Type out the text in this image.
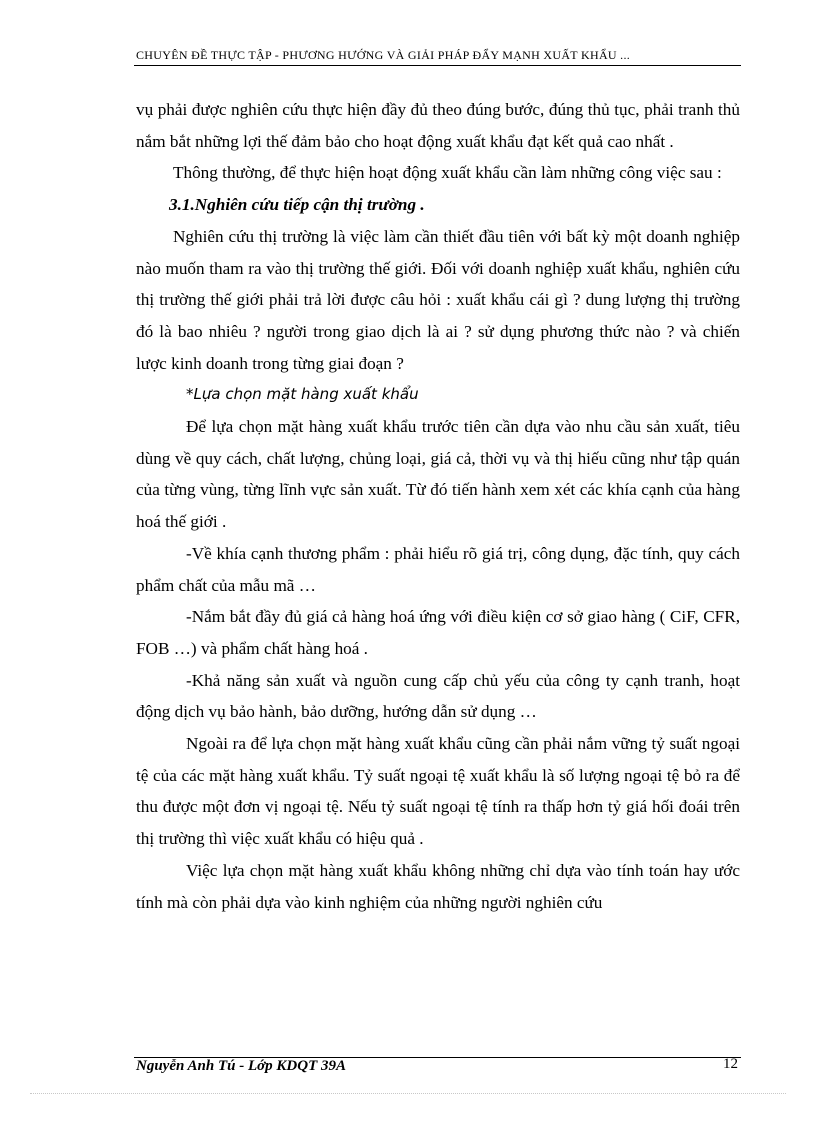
CHUYÊN ĐỀ THỰC TẬP - PHƯƠNG HƯỚNG VÀ GIẢI PHÁP ĐẨY MẠNH XUẤT KHẨU ...

vụ phải được nghiên cứu thực hiện đầy đủ theo đúng bước, đúng thủ tục, phải tranh thủ nắm bắt những lợi thế đảm bảo cho hoạt động xuất khẩu đạt kết quả cao nhất .

Thông thường, để thực hiện hoạt động xuất khẩu cần làm những công việc sau :

3.1.Nghiên cứu tiếp cận thị trường .

Nghiên cứu thị trường là việc làm cần thiết đầu tiên với bất kỳ một doanh nghiệp nào muốn tham ra vào thị trường thế giới. Đối với doanh nghiệp xuất khẩu, nghiên cứu thị trường thế giới phải trả lời được câu hỏi : xuất khẩu cái gì ? dung lượng thị trường đó là bao nhiêu ? người trong giao dịch là ai ? sử dụng phương thức nào ? và chiến lược kinh doanh trong từng giai đoạn ?

*Lựa chọn mặt hàng xuất khẩu

Để lựa chọn mặt hàng xuất khẩu trước tiên cần dựa vào nhu cầu sản xuất, tiêu dùng về quy cách, chất lượng, chủng loại, giá cả, thời vụ và thị hiếu cũng như tập quán của từng vùng, từng lĩnh vực sản xuất. Từ đó tiến hành xem xét các khía cạnh của hàng hoá thế giới .

-Về khía cạnh thương phẩm : phải hiểu rõ giá trị, công dụng, đặc tính, quy cách phẩm chất của mẫu mã …

-Nắm bắt đầy đủ giá cả hàng hoá ứng với điều kiện cơ sở giao hàng ( CiF, CFR, FOB …) và phẩm chất hàng hoá .

-Khả năng sản xuất và nguồn cung cấp chủ yếu của công ty cạnh tranh, hoạt động dịch vụ bảo hành, bảo dưỡng, hướng dẫn sử dụng …

Ngoài ra để lựa chọn mặt hàng xuất khẩu cũng cần phải nắm vững tỷ suất ngoại tệ của các mặt hàng xuất khẩu. Tỷ suất ngoại tệ xuất khẩu là số lượng ngoại tệ bỏ ra để thu được một đơn vị ngoại tệ. Nếu tỷ suất ngoại tệ tính ra thấp hơn tỷ giá hối đoái trên thị trường thì việc xuất khẩu có hiệu quả .

Việc lựa chọn mặt hàng xuất khẩu không những chỉ dựa vào tính toán hay ước tính mà còn phải dựa vào kinh nghiệm của những người nghiên cứu

Nguyễn Anh Tú - Lớp KDQT 39A	12
